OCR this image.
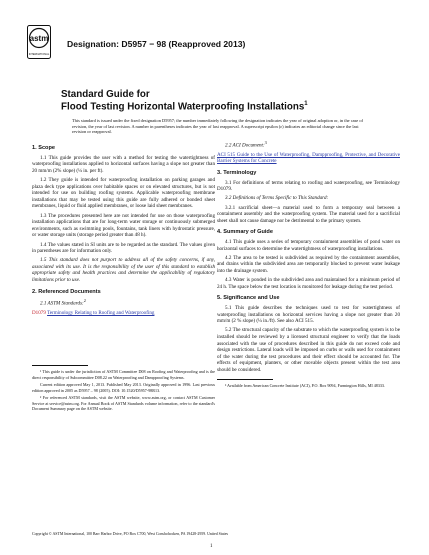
astm
INTERNATIONAL
Designation: D5957 − 98 (Reapproved 2013)
Standard Guide for
Flood Testing Horizontal Waterproofing Installations$^1$
This standard is issued under the fixed designation D5957; the number immediately following the designation indicates the year of original adoption or, in the case of revision, the year of last revision. A number in parentheses indicates the year of last reapproval. A superscript epsilon (ε) indicates an editorial change since the last revision or reapproval.
1. Scope

1.1 This guide provides the user with a method for testing the watertightness of waterproofing installations applied to horizontal surfaces having a slope not greater than 20 mm/m (2% slope) (¼ in. per ft).

1.2 They guide is intended for waterproofing installation on parking garages and plaza deck type applications over habitable spaces or on elevated structures, but is not intended for use on building roofing systems. Applicable waterproofing membrane installations that may be tested using this guide are fully adhered or bonded sheet membranes, liquid or fluid applied membranes, or loose laid sheet membranes.

1.3 The procedures presented here are not intended for use on those waterproofing installation applications that are for long-term water storage or continuously submerged environments, such as swimming pools, fountains, tank liners with hydrostatic pressure, or water storage units (storage period greater than 48 h).

1.4 The values stated in SI units are to be regarded as the standard. The values given in parentheses are for information only.

1.5 This standard does not purport to address all of the safety concerns, if any, associated with its use. It is the responsibility of the user of this standard to establish appropriate safety and health practices and determine the applicability of regulatory limitations prior to use.

2. Referenced Documents

2.1 ASTM Standards:$^2$

D1079 Terminology Relating to Roofing and Waterproofing

¹ This guide is under the jurisdiction of ASTM Committee D08 on Roofing and Waterproofing and is the direct responsibility of Subcommittee D08.22 on Waterproofing and Dampproofing Systems.

Current edition approved May 1, 2013. Published May 2013. Originally approved in 1996. Last previous edition approved in 2005 as D5957 – 98 (2005). DOI: 10.1520/D5957-98R13.

² For referenced ASTM standards, visit the ASTM website, www.astm.org, or contact ASTM Customer Service at service@astm.org. For Annual Book of ASTM Standards volume information, refer to the standard's Document Summary page on the ASTM website.

2.2 ACI Document:$^3$

ACI 515 Guide to the Use of Waterproofing, Dampproofing, Protective, and Decorative Barrier Systems for Concrete

3. Terminology

3.1 For definitions of terms relating to roofing and waterproofing, see Terminology D1079.

3.2 Definitions of Terms Specific to This Standard:

3.2.1 sacrificial sheet—a material used to form a temporary seal between a containment assembly and the waterproofing system. The material used for a sacrificial sheet shall not cause damage nor be detrimental to the primary system.

4. Summary of Guide

4.1 This guide uses a series of temporary containment assemblies of pond water on horizontal surfaces to determine the watertightness of waterproofing installations.

4.2 The area to be tested is subdivided as required by the containment assemblies, and drains within the subdivided area are temporarily blocked to prevent water leakage into the drainage system.

4.3 Water is ponded in the subdivided area and maintained for a minimum period of 24 h. The space below the test location is monitored for leakage during the test period.

5. Significance and Use

5.1 This guide describes the techniques used to test for watertightness of waterproofing installations on horizontal services having a slope not greater than 20 mm/m (2 % slope) (¼ in./ft). See also ACI 515.

5.2 The structural capacity of the substrate to which the waterproofing system is to be installed should be reviewed by a licensed structural engineer to verify that the loads associated with the use of procedures described in this guide do not exceed code and design restrictions. Lateral loads will be imposed on curbs or walls used for containment of the water during the test procedures and their effect should be accounted for. The effects of equipment, planters, or other movable objects present within the test area should be considered.

³ Available from American Concrete Institute (ACI), P.O. Box 9094, Farmington Hills, MI 48333.

Copyright © ASTM International, 100 Barr Harbor Drive, PO Box C700, West Conshohocken, PA 19428-2959. United States
1
